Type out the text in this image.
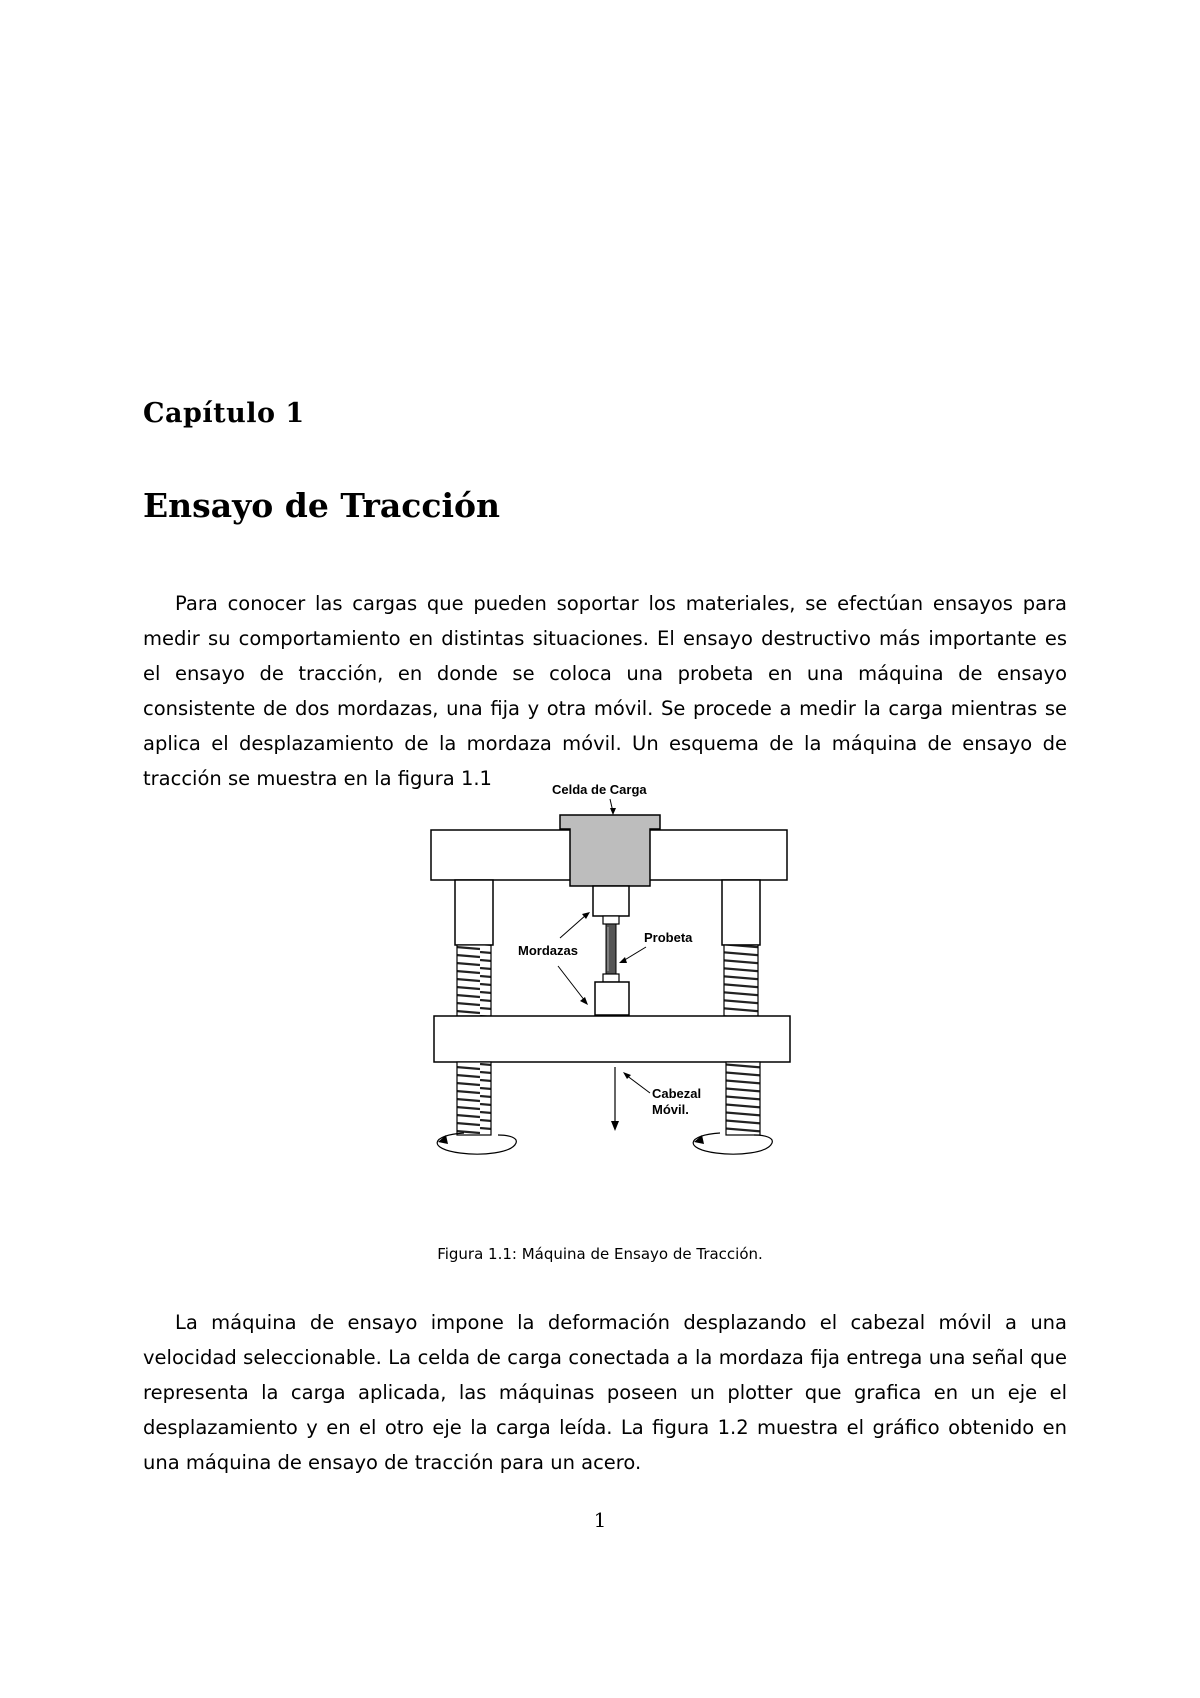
Capítulo 1
Ensayo de Tracción

Para conocer las cargas que pueden soportar los materiales, se efectúan ensayos para medir su comportamiento en distintas situaciones. El ensayo destructivo más importante es el ensayo de tracción, en donde se coloca una probeta en una máquina de ensayo consistente de dos mordazas, una fija y otra móvil. Se procede a medir la carga mientras se aplica el desplazamiento de la mordaza móvil. Un esquema de la máquina de ensayo de tracción se muestra en la figura 1.1	Celda de Carga
Cabezal
Móvil.
Mordazas
Probeta
Figura 1.1: Máquina de Ensayo de Tracción.

La máquina de ensayo impone la deformación desplazando el cabezal móvil a una velocidad seleccionable. La celda de carga conectada a la mordaza fija entrega una señal que representa la carga aplicada, las máquinas poseen un plotter que grafica en un eje el desplazamiento y en el otro eje la carga leída. La figura 1.2 muestra el gráfico obtenido en una máquina de ensayo de tracción para un acero.

1
